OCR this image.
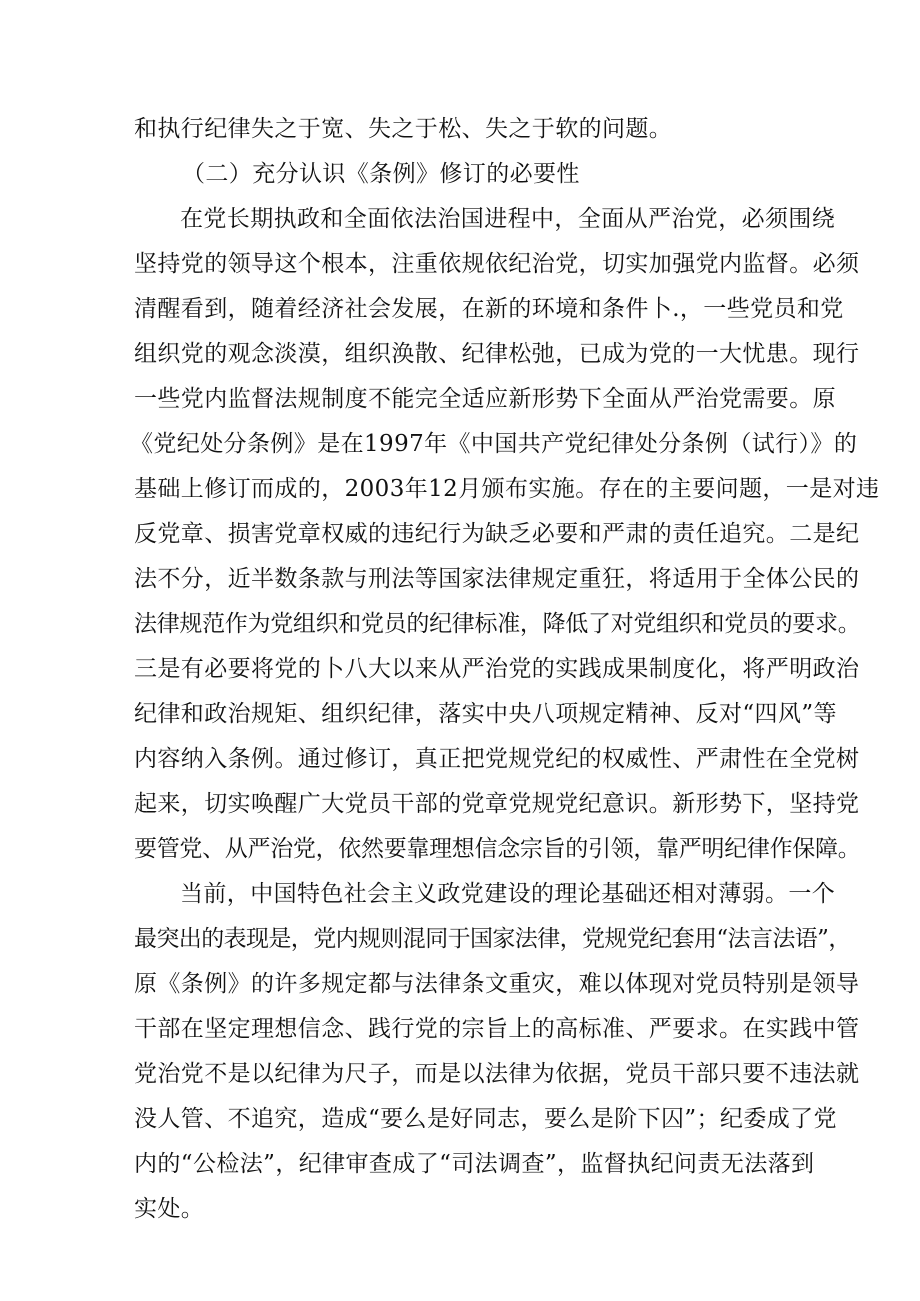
和执行纪律失之于宽、失之于松、失之于软的问题。
（二）充分认识《条例》修订的必要性
在党长期执政和全面依法治国进程中，全面从严治党，必须围绕
坚持党的领导这个根本，注重依规依纪治党，切实加强党内监督。必须
清醒看到，随着经济社会发展，在新的环境和条件卜.，一些党员和党
组织党的观念淡漠，组织涣散、纪律松弛，已成为党的一大忧患。现行
一些党内监督法规制度不能完全适应新形势下全面从严治党需要。原
《党纪处分条例》是在1997年《中国共产党纪律处分条例（试行）》的
基础上修订而成的，2003年12月颁布实施。存在的主要问题，一是对违
反党章、损害党章权威的违纪行为缺乏必要和严肃的责任追究。二是纪
法不分，近半数条款与刑法等国家法律规定重狂，将适用于全体公民的
法律规范作为党组织和党员的纪律标准，降低了对党组织和党员的要求。
三是有必要将党的卜八大以来从严治党的实践成果制度化，将严明政治
纪律和政治规矩、组织纪律，落实中央八项规定精神、反对“四风”等
内容纳入条例。通过修订，真正把党规党纪的权威性、严肃性在全党树
起来，切实唤醒广大党员干部的党章党规党纪意识。新形势下，坚持党
要管党、从严治党，依然要靠理想信念宗旨的引领，靠严明纪律作保障。
当前，中国特色社会主义政党建设的理论基础还相对薄弱。一个
最突出的表现是，党内规则混同于国家法律，党规党纪套用“法言法语”，
原《条例》的许多规定都与法律条文重灾，难以体现对党员特别是领导
干部在坚定理想信念、践行党的宗旨上的高标准、严要求。在实践中管
党治党不是以纪律为尺子，而是以法律为依据，党员干部只要不违法就
没人管、不追究，造成“要么是好同志，要么是阶下囚”；纪委成了党
内的“公检法”，纪律审查成了“司法调查”，监督执纪问责无法落到
实处。
